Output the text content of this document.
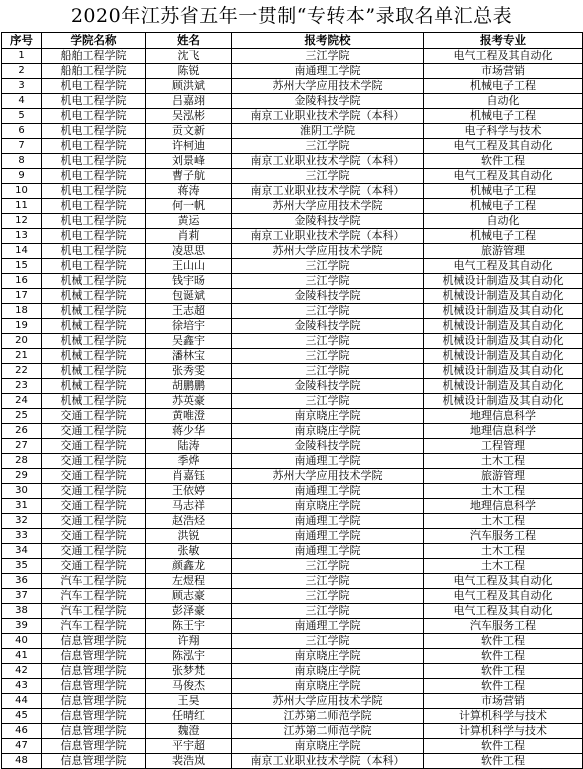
2020年江苏省五年一贯制“专转本”录取名单汇总表
序号	学院名称	姓名	报考院校	报考专业
1	船舶工程学院	沈飞	三江学院	电气工程及其自动化
2	船舶工程学院	陈锐	南通理工学院	市场营销
3	机电工程学院	顾洪斌	苏州大学应用技术学院	机械电子工程
4	机电工程学院	吕嘉翊	金陵科技学院	自动化
5	机电工程学院	吴泓彬	南京工业职业技术学院（本科）	机械电子工程
6	机电工程学院	贡文新	淮阴工学院	电子科学与技术
7	机电工程学院	许柯迪	三江学院	电气工程及其自动化
8	机电工程学院	刘景峰	南京工业职业技术学院（本科）	软件工程
9	机电工程学院	曹子航	三江学院	电气工程及其自动化
10	机电工程学院	蒋涛	南京工业职业技术学院（本科）	机械电子工程
11	机电工程学院	何一帆	苏州大学应用技术学院	机械电子工程
12	机电工程学院	黄运	金陵科技学院	自动化
13	机电工程学院	肖莉	南京工业职业技术学院（本科）	机械电子工程
14	机电工程学院	凌思思	苏州大学应用技术学院	旅游管理
15	机电工程学院	王山山	三江学院	电气工程及其自动化
16	机械工程学院	钱宇旸	三江学院	机械设计制造及其自动化
17	机械工程学院	包诞斌	金陵科技学院	机械设计制造及其自动化
18	机械工程学院	王志超	三江学院	机械设计制造及其自动化
19	机械工程学院	徐培宇	金陵科技学院	机械设计制造及其自动化
20	机械工程学院	吴鑫宇	三江学院	机械设计制造及其自动化
21	机械工程学院	潘林宝	三江学院	机械设计制造及其自动化
22	机械工程学院	张秀雯	三江学院	机械设计制造及其自动化
23	机械工程学院	胡鹏鹏	金陵科技学院	机械设计制造及其自动化
24	机械工程学院	苏英豪	三江学院	机械设计制造及其自动化
25	交通工程学院	黄唯澄	南京晓庄学院	地理信息科学
26	交通工程学院	蒋少华	南京晓庄学院	地理信息科学
27	交通工程学院	陆涛	金陵科技学院	工程管理
28	交通工程学院	季烨	南通理工学院	土木工程
29	交通工程学院	肖嘉钰	苏州大学应用技术学院	旅游管理
30	交通工程学院	王依婷	南通理工学院	土木工程
31	交通工程学院	马志祥	南京晓庄学院	地理信息科学
32	交通工程学院	赵浩烃	南通理工学院	土木工程
33	交通工程学院	洪锐	南通理工学院	汽车服务工程
34	交通工程学院	张敏	南通理工学院	土木工程
35	交通工程学院	颜鑫龙	三江学院	土木工程
36	汽车工程学院	左煜程	三江学院	电气工程及其自动化
37	汽车工程学院	顾志豪	三江学院	电气工程及其自动化
38	汽车工程学院	彭泽豪	三江学院	电气工程及其自动化
39	汽车工程学院	陈王宇	南通理工学院	汽车服务工程
40	信息管理学院	许翔	三江学院	软件工程
41	信息管理学院	陈泓宇	南京晓庄学院	软件工程
42	信息管理学院	张梦梵	南京晓庄学院	软件工程
43	信息管理学院	马俊杰	南京晓庄学院	软件工程
44	信息管理学院	王昊	苏州大学应用技术学院	市场营销
45	信息管理学院	任晴红	江苏第二师范学院	计算机科学与技术
46	信息管理学院	魏澄	江苏第二师范学院	计算机科学与技术
47	信息管理学院	平宇超	南京晓庄学院	软件工程
48	信息管理学院	裴浩岚	南京工业职业技术学院（本科）	软件工程
